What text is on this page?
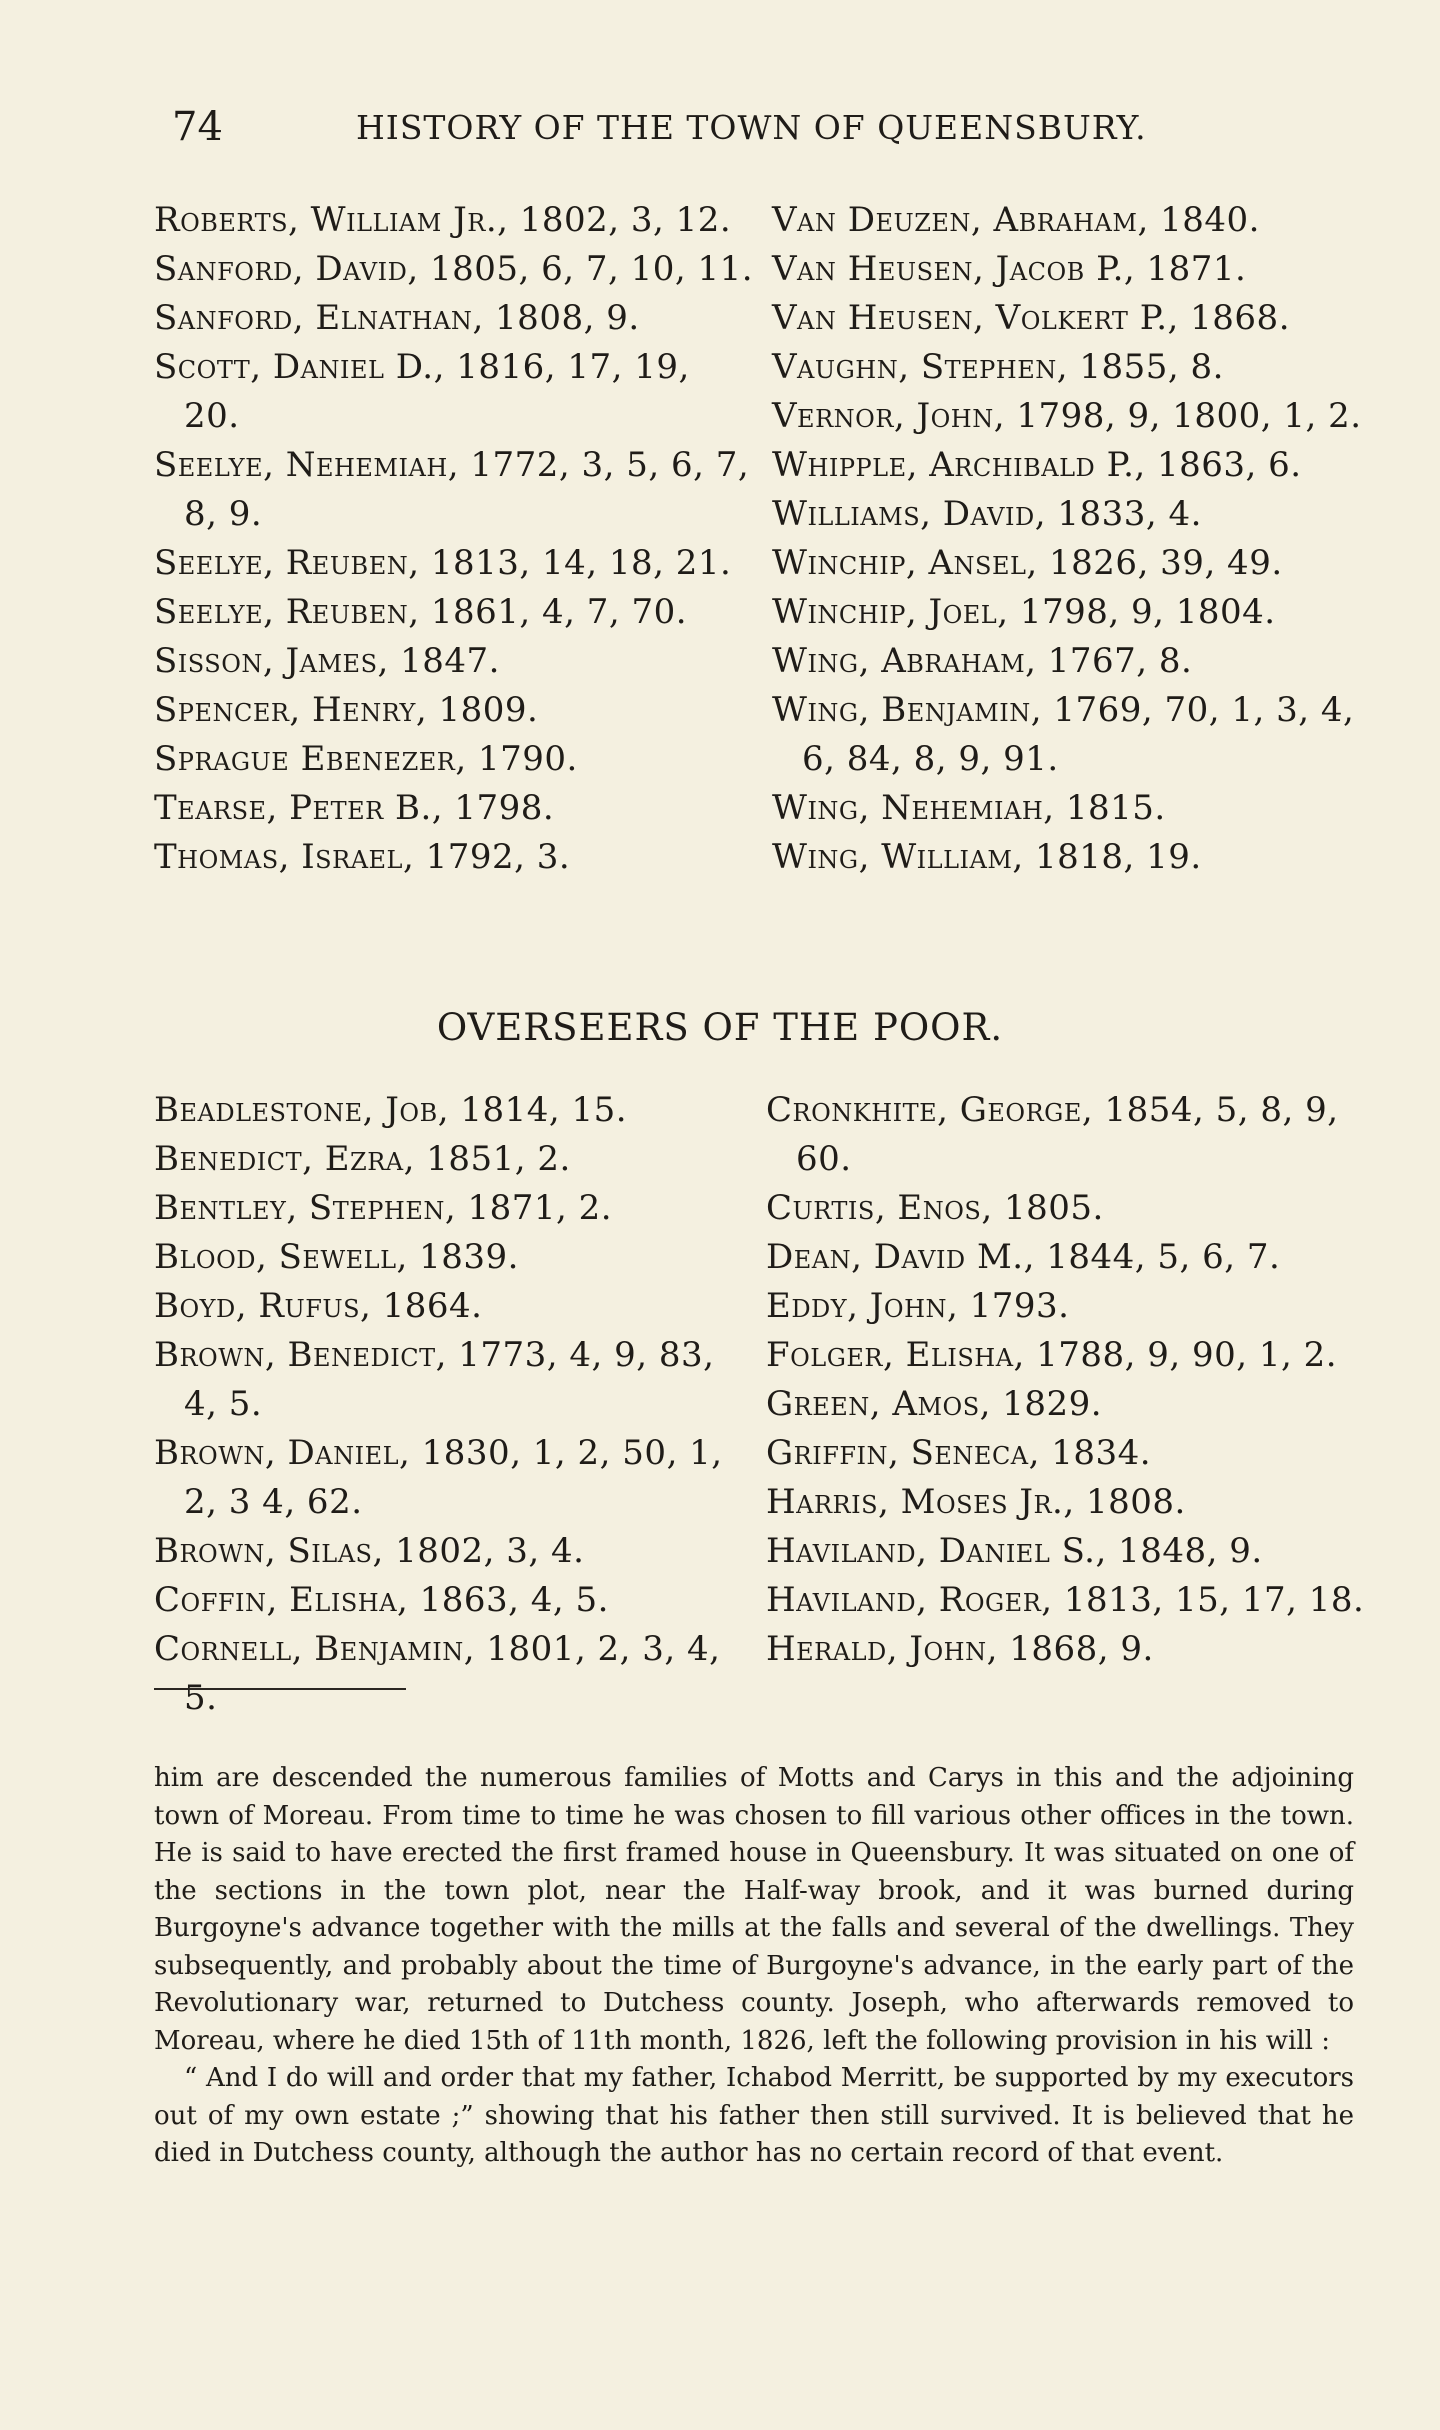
74	HISTORY OF THE TOWN OF QUEENSBURY.
Roberts, William Jr., 1802, 3, 12.
Sanford, David, 1805, 6, 7, 10, 11.
Sanford, Elnathan, 1808, 9.
Scott, Daniel D., 1816, 17, 19, 20.
Seelye, Nehemiah, 1772, 3, 5, 6, 7, 8, 9.
Seelye, Reuben, 1813, 14, 18, 21.
Seelye, Reuben, 1861, 4, 7, 70.
Sisson, James, 1847.
Spencer, Henry, 1809.
Sprague Ebenezer, 1790.
Tearse, Peter B., 1798.
Thomas, Israel, 1792, 3.
Van Deuzen, Abraham, 1840.
Van Heusen, Jacob P., 1871.
Van Heusen, Volkert P., 1868.
Vaughn, Stephen, 1855, 8.
Vernor, John, 1798, 9, 1800, 1, 2.
Whipple, Archibald P., 1863, 6.
Williams, David, 1833, 4.
Winchip, Ansel, 1826, 39, 49.
Winchip, Joel, 1798, 9, 1804.
Wing, Abraham, 1767, 8.
Wing, Benjamin, 1769, 70, 1, 3, 4, 6, 84, 8, 9, 91.
Wing, Nehemiah, 1815.
Wing, William, 1818, 19.
OVERSEERS OF THE POOR.
Beadlestone, Job, 1814, 15.
Benedict, Ezra, 1851, 2.
Bentley, Stephen, 1871, 2.
Blood, Sewell, 1839.
Boyd, Rufus, 1864.
Brown, Benedict, 1773, 4, 9, 83, 4, 5.
Brown, Daniel, 1830, 1, 2, 50, 1, 2, 3 4, 62.
Brown, Silas, 1802, 3, 4.
Coffin, Elisha, 1863, 4, 5.
Cornell, Benjamin, 1801, 2, 3, 4, 5.
Cronkhite, George, 1854, 5, 8, 9, 60.
Curtis, Enos, 1805.
Dean, David M., 1844, 5, 6, 7.
Eddy, John, 1793.
Folger, Elisha, 1788, 9, 90, 1, 2.
Green, Amos, 1829.
Griffin, Seneca, 1834.
Harris, Moses Jr., 1808.
Haviland, Daniel S., 1848, 9.
Haviland, Roger, 1813, 15, 17, 18.
Herald, John, 1868, 9.

him are descended the numerous families of Motts and Carys in this and the adjoining town of Moreau. From time to time he was chosen to fill various other offices in the town. He is said to have erected the first framed house in Queensbury. It was situated on one of the sections in the town plot, near the Half-way brook, and it was burned during Burgoyne's advance together with the mills at the falls and several of the dwellings. They subsequently, and probably about the time of Burgoyne's advance, in the early part of the Revolutionary war, returned to Dutchess county. Joseph, who afterwards removed to Moreau, where he died 15th of 11th month, 1826, left the following provision in his will :

“ And I do will and order that my father, Ichabod Merritt, be supported by my executors out of my own estate ;” showing that his father then still survived. It is believed that he died in Dutchess county, although the author has no certain record of that event.
